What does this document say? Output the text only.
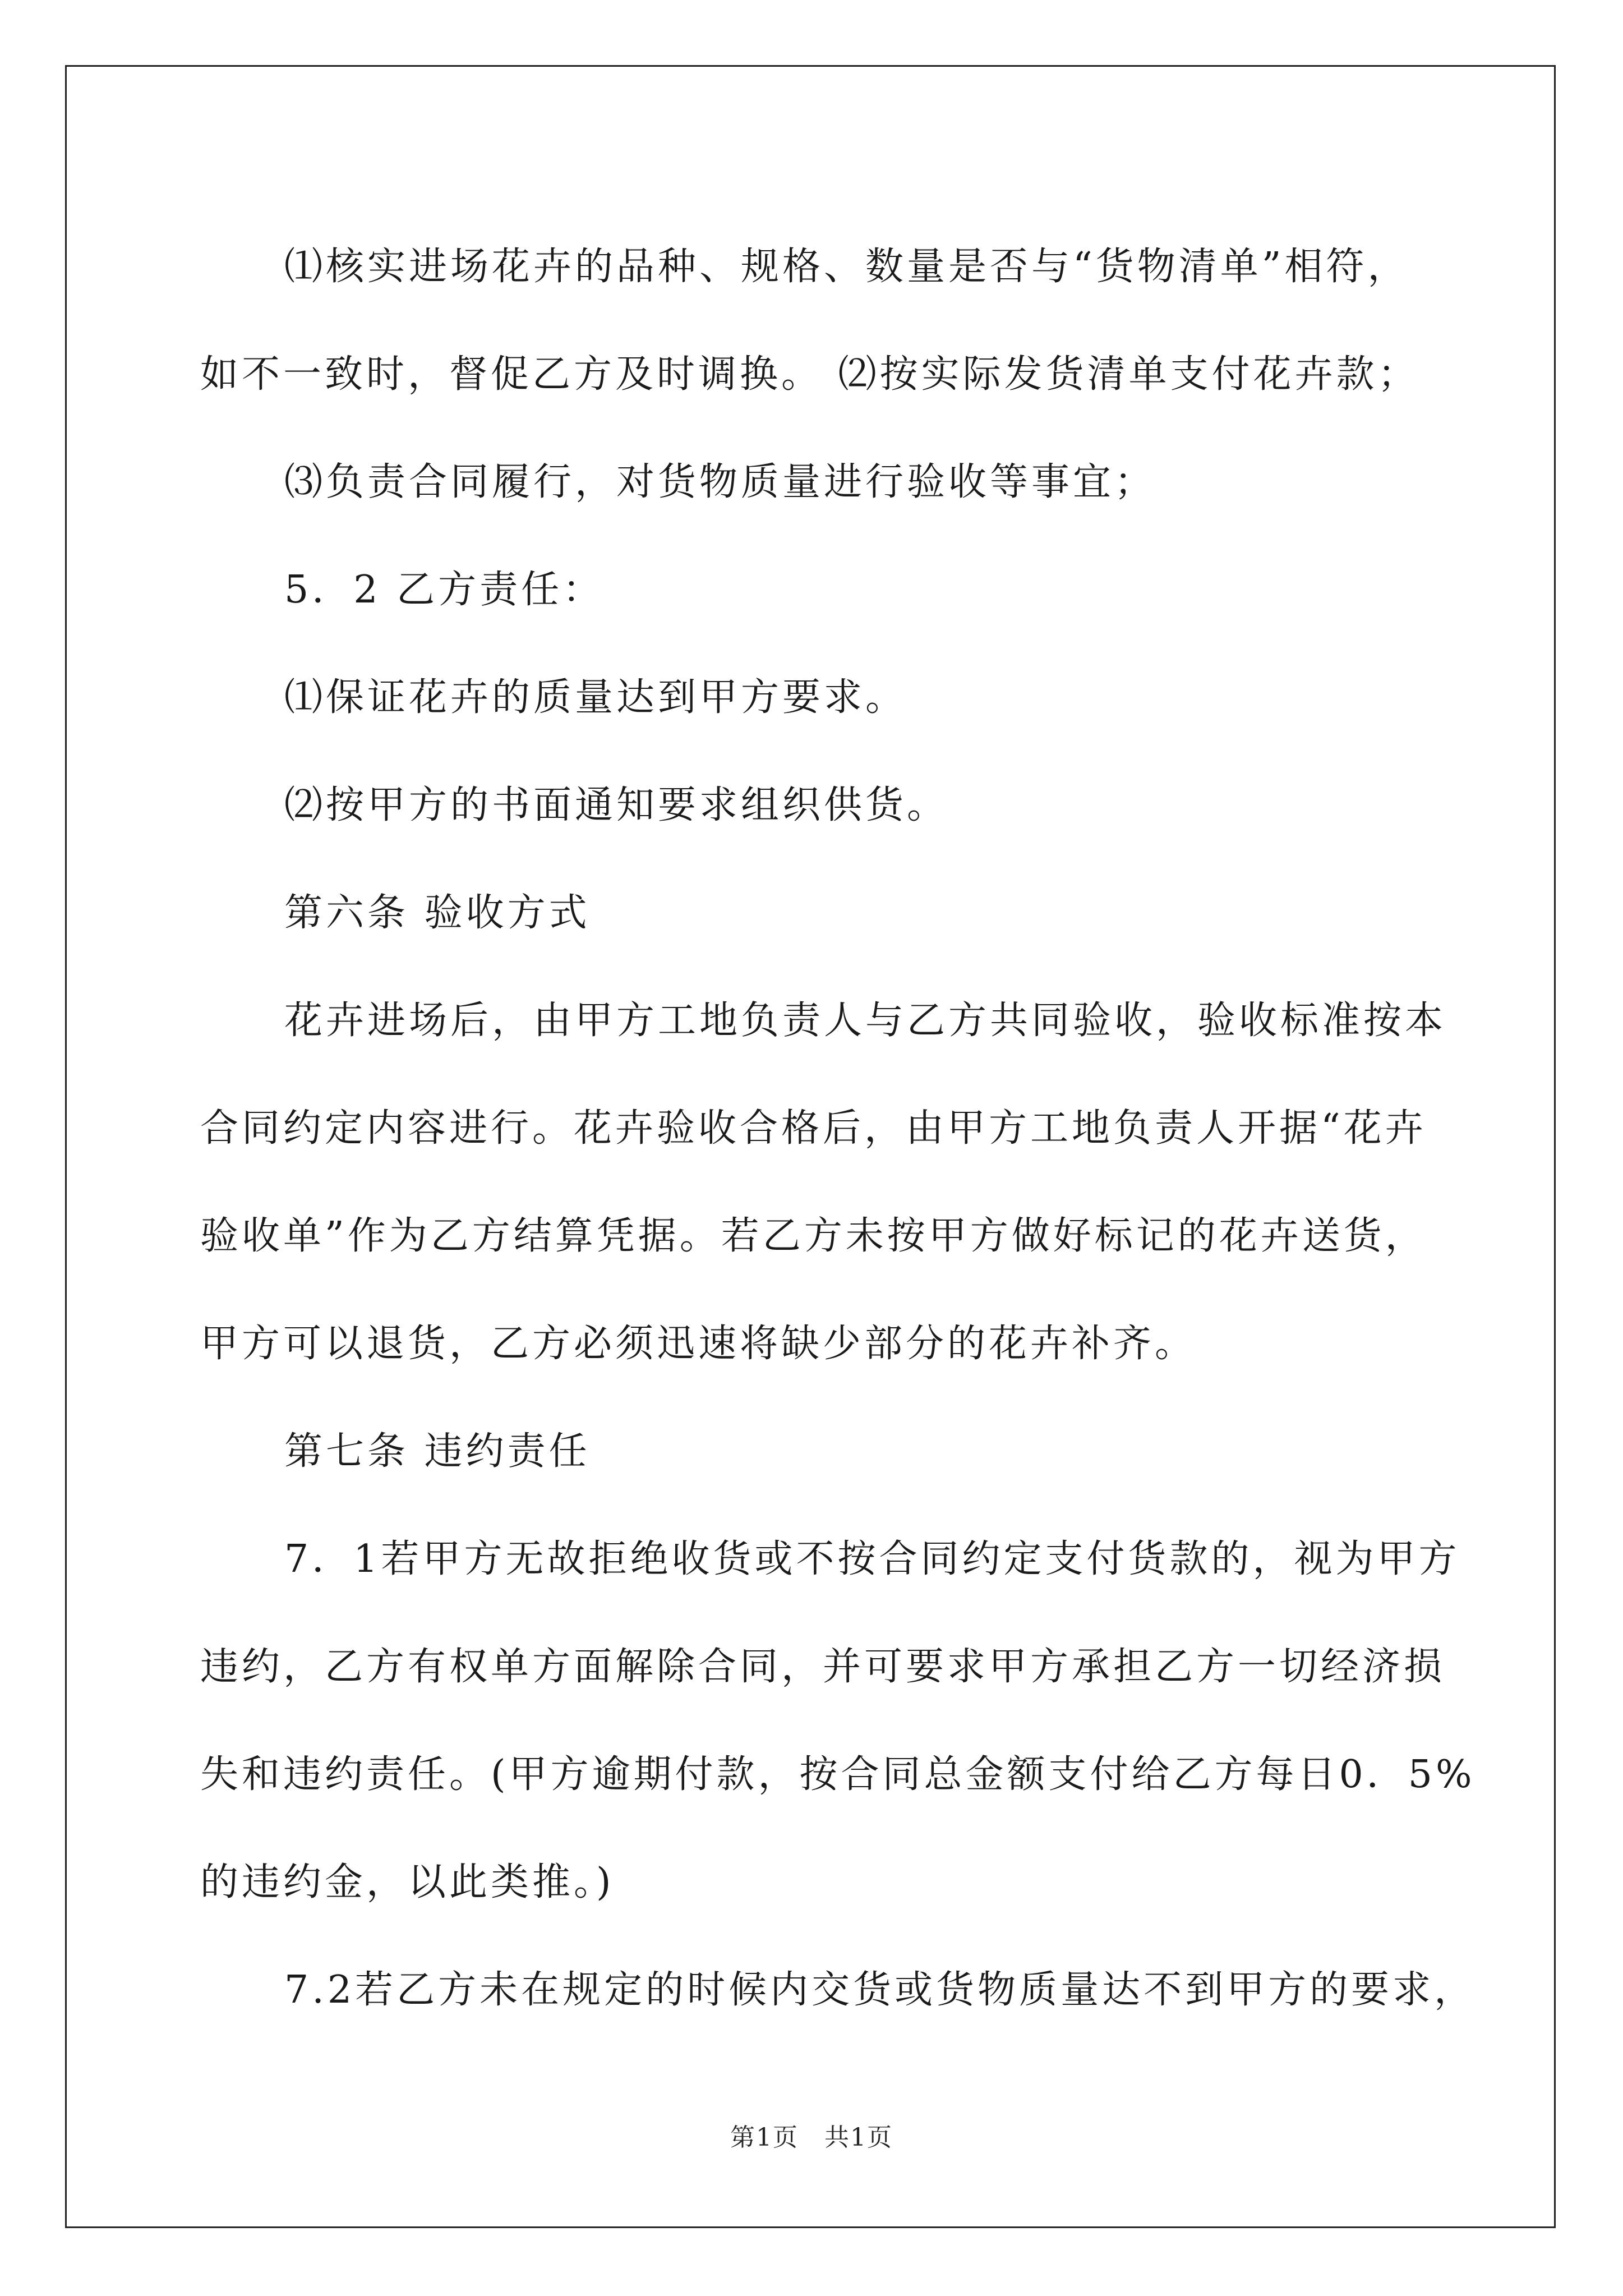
⑴核实进场花卉的品种、规格、数量是否与“货物清单”相符，

如不一致时，督促乙方及时调换。 ⑵按实际发货清单支付花卉款；

⑶负责合同履行，对货物质量进行验收等事宜；

5．2 乙方责任：

⑴保证花卉的质量达到甲方要求。

⑵按甲方的书面通知要求组织供货。

第六条 验收方式

花卉进场后，由甲方工地负责人与乙方共同验收，验收标准按本

合同约定内容进行。花卉验收合格后，由甲方工地负责人开据“花卉

验收单”作为乙方结算凭据。若乙方未按甲方做好标记的花卉送货，

甲方可以退货，乙方必须迅速将缺少部分的花卉补齐。

第七条 违约责任

7．1若甲方无故拒绝收货或不按合同约定支付货款的，视为甲方

违约，乙方有权单方面解除合同，并可要求甲方承担乙方一切经济损

失和违约责任。(甲方逾期付款，按合同总金额支付给乙方每日0．5%

的违约金，以此类推。)

7.2若乙方未在规定的时候内交货或货物质量达不到甲方的要求，

第1页　共1页
